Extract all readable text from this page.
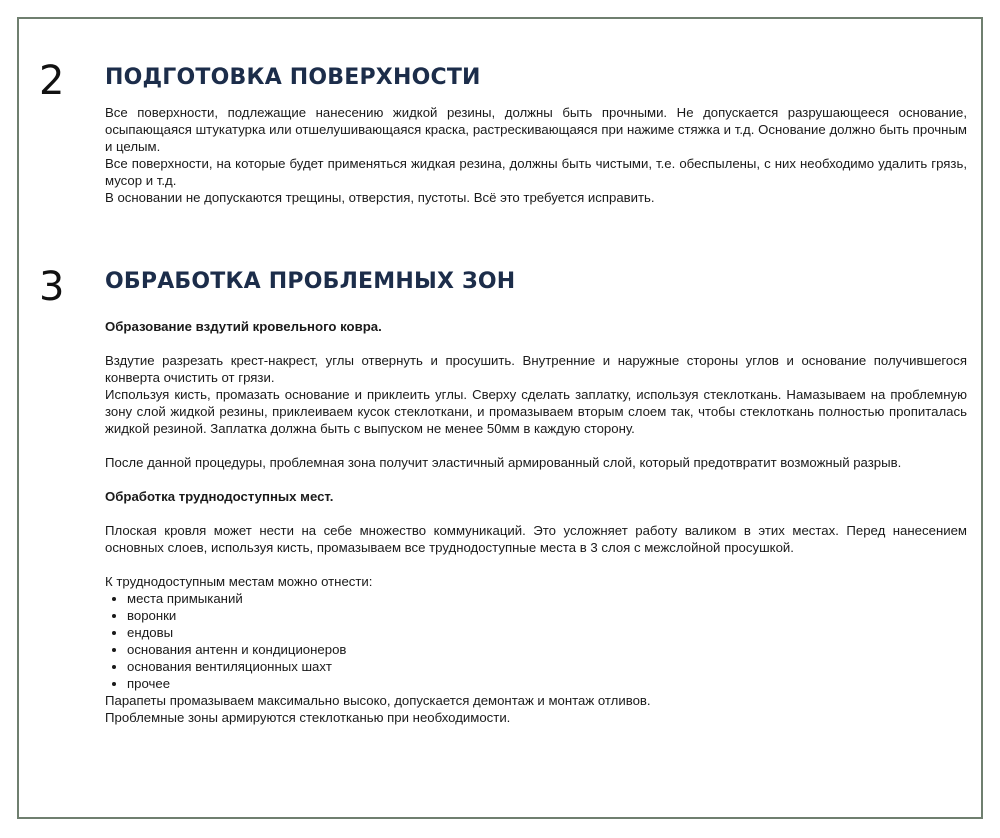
2 ПОДГОТОВКА ПОВЕРХНОСТИ

Все поверхности, подлежащие нанесению жидкой резины, должны быть прочными. Не допускается разрушающееся основание, осыпающаяся штукатурка или отшелушивающаяся краска, растрескивающаяся при нажиме стяжка и т.д. Основание должно быть прочным и целым.

Все поверхности, на которые будет применяться жидкая резина, должны быть чистыми, т.е. обеспылены, с них необходимо удалить грязь, мусор и т.д.

В основании не допускаются трещины, отверстия, пустоты. Всё это требуется исправить.

3 ОБРАБОТКА ПРОБЛЕМНЫХ ЗОН

Образование вздутий кровельного ковра.

Вздутие разрезать крест-накрест, углы отвернуть и просушить. Внутренние и наружные стороны углов и основание получившегося конверта очистить от грязи.

Используя кисть, промазать основание и приклеить углы. Сверху сделать заплатку, используя стеклоткань. Намазываем на проблемную зону слой жидкой резины, приклеиваем кусок стеклоткани, и промазываем вторым слоем так, чтобы стеклоткань полностью пропиталась жидкой резиной. Заплатка должна быть с выпуском не менее 50мм в каждую сторону.

После данной процедуры, проблемная зона получит эластичный армированный слой, который предотвратит возможный разрыв.

Обработка труднодоступных мест.

Плоская кровля может нести на себе множество коммуникаций. Это усложняет работу валиком в этих местах. Перед нанесением основных слоев, используя кисть, промазываем все труднодоступные места в 3 слоя с межслойной просушкой.

К труднодоступным местам можно отнести:

• места примыканий
• воронки
• ендовы
• основания антенн и кондиционеров
• основания вентиляционных шахт
• прочее

Парапеты промазываем максимально высоко, допускается демонтаж и монтаж отливов.

Проблемные зоны армируются стеклотканью при необходимости.
